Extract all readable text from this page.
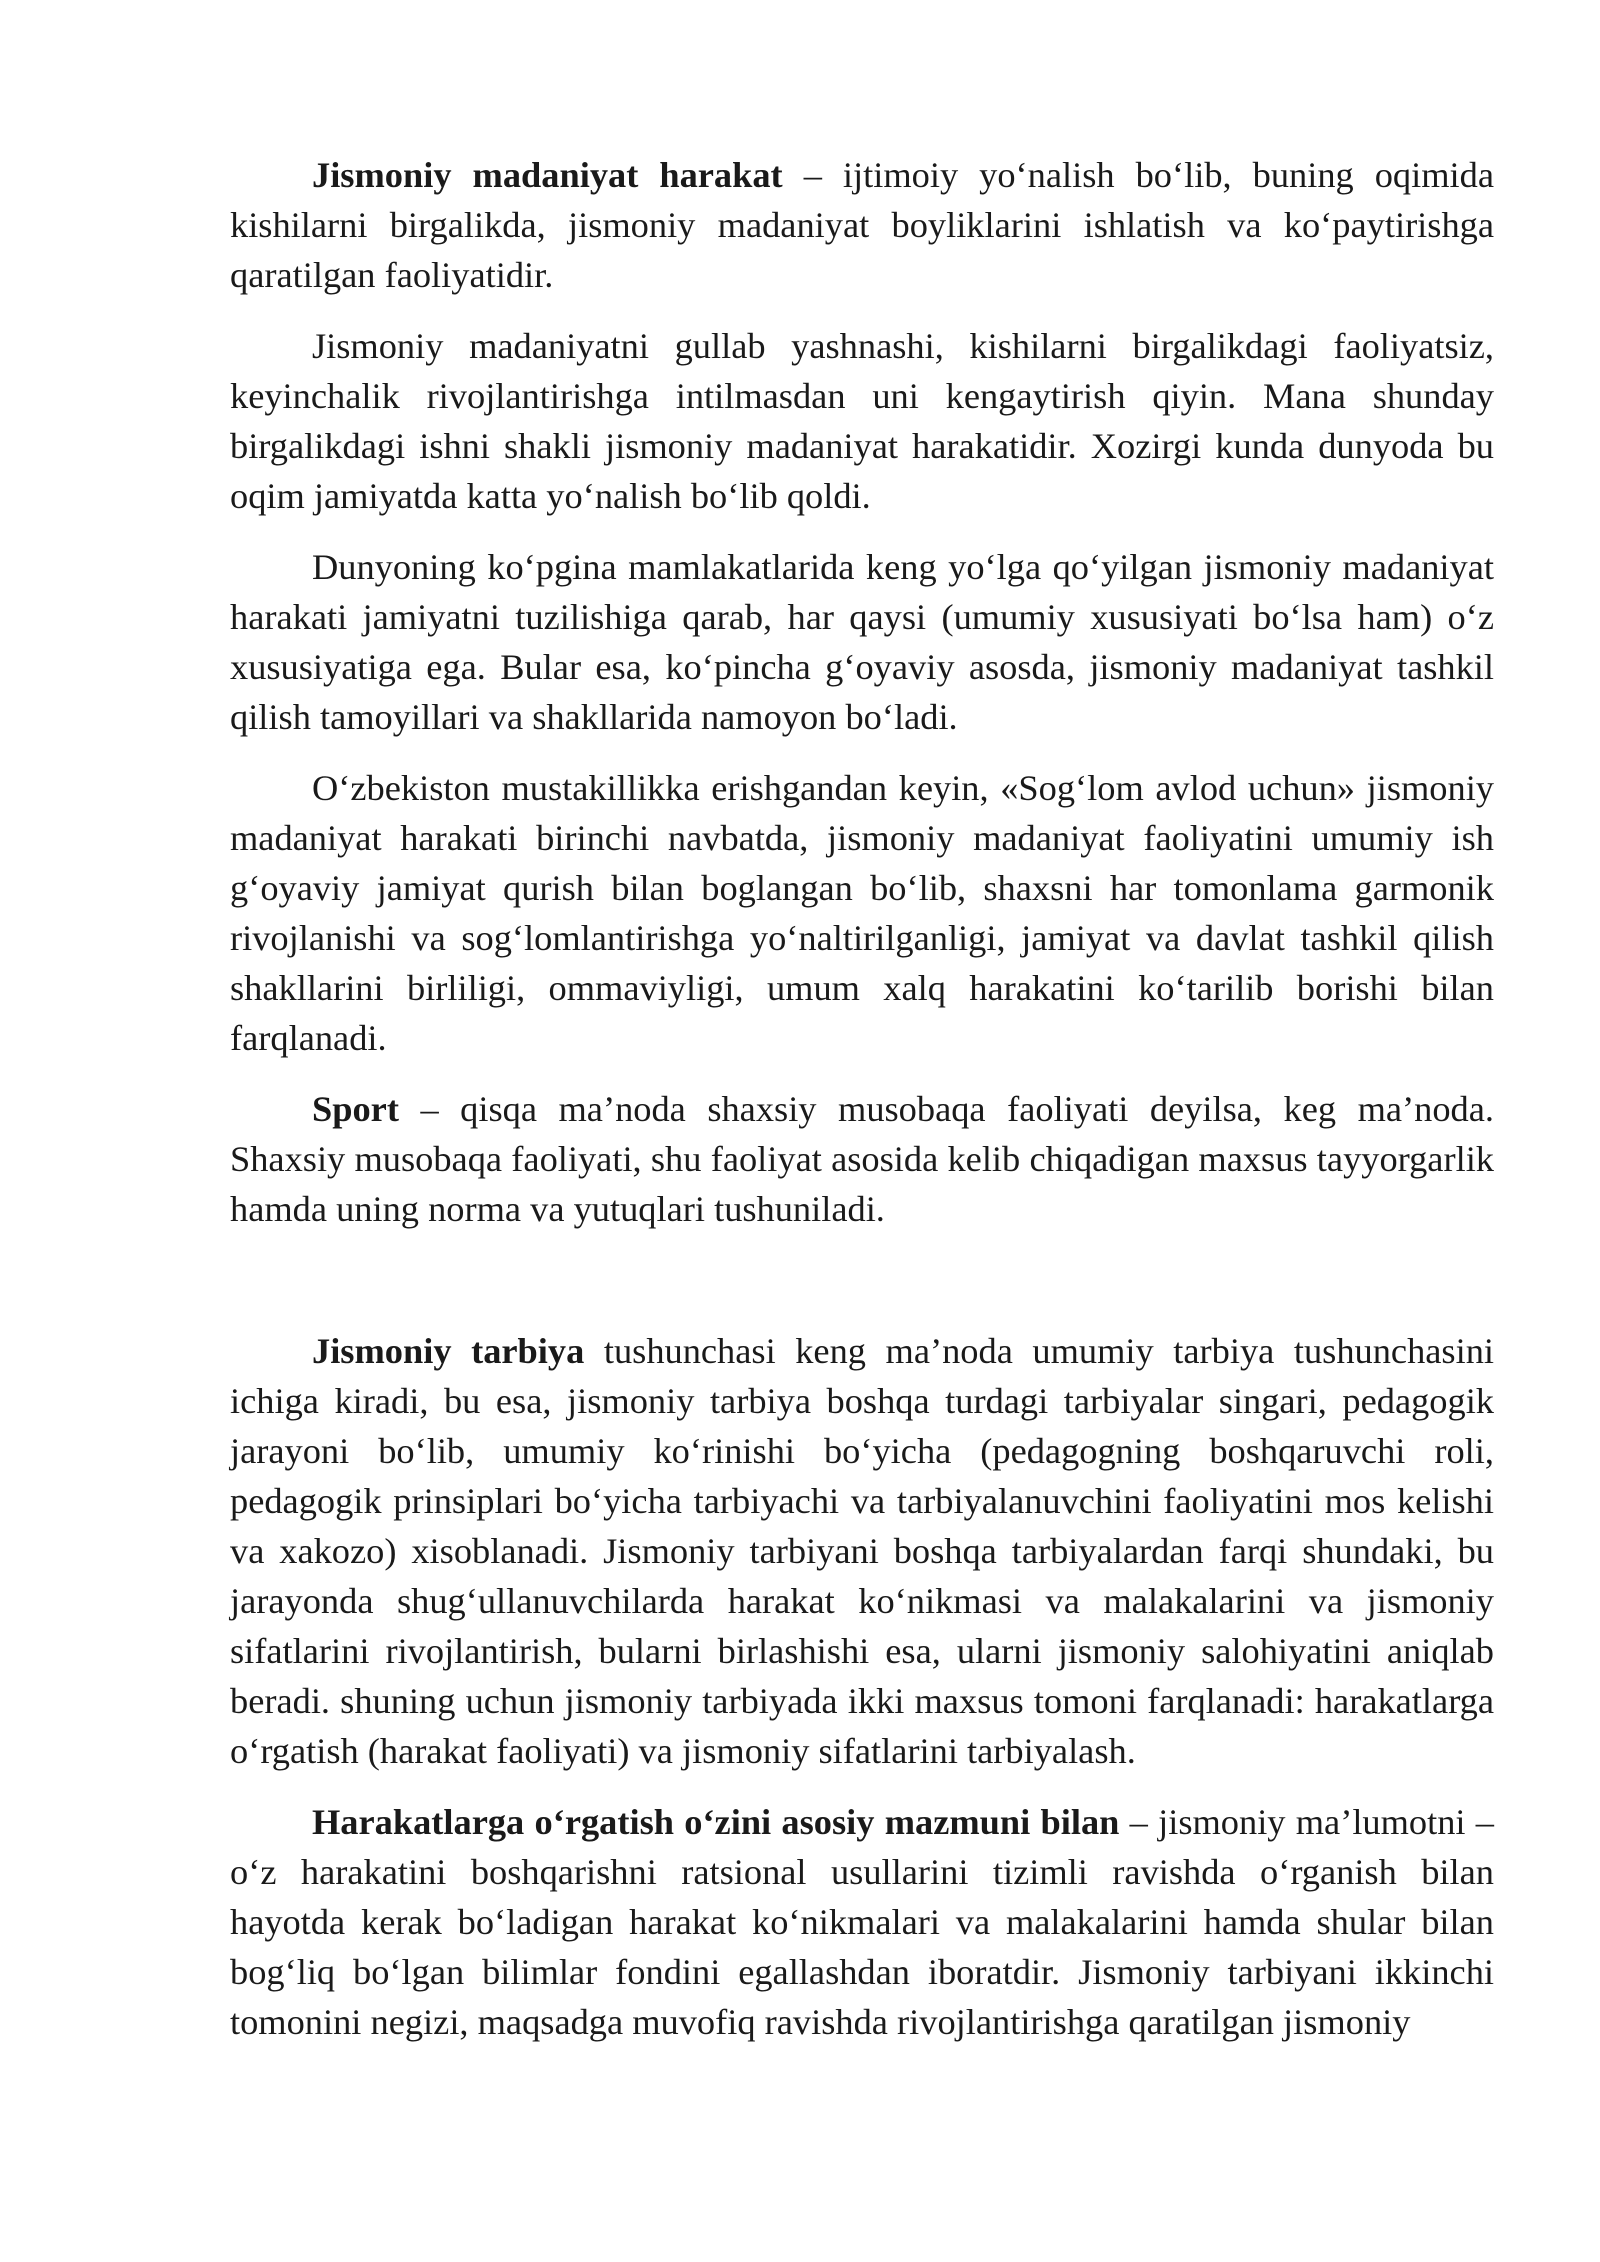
Jismoniy madaniyat harakat – ijtimoiy yo‘nalish bo‘lib, buning oqimida kishilarni birgalikda, jismoniy madaniyat boyliklarini ishlatish va ko‘paytirishga qaratilgan faoliyatidir.

Jismoniy madaniyatni gullab yashnashi, kishilarni birgalikdagi faoliyatsiz, keyinchalik rivojlantirishga intilmasdan uni kengaytirish qiyin. Mana shunday birgalikdagi ishni shakli jismoniy madaniyat harakatidir. Xozirgi kunda dunyoda bu oqim jamiyatda katta yo‘nalish bo‘lib qoldi.

Dunyoning ko‘pgina mamlakatlarida keng yo‘lga qo‘yilgan jismoniy madaniyat harakati jamiyatni tuzilishiga qarab, har qaysi (umumiy xususiyati bo‘lsa ham) o‘z xususiyatiga ega. Bular esa, ko‘pincha g‘oyaviy asosda, jismoniy madaniyat tashkil qilish tamoyillari va shakllarida namoyon bo‘ladi.

O‘zbekiston mustakillikka erishgandan keyin, «Sog‘lom avlod uchun» jismoniy madaniyat harakati birinchi navbatda, jismoniy madaniyat faoliyatini umumiy ish g‘oyaviy jamiyat qurish bilan boglangan bo‘lib, shaxsni har tomonlama garmonik rivojlanishi va sog‘lomlantirishga yo‘naltirilganligi, jamiyat va davlat tashkil qilish shakllarini birliligi, ommaviyligi, umum xalq harakatini ko‘tarilib borishi bilan farqlanadi.

Sport – qisqa ma’noda shaxsiy musobaqa faoliyati deyilsa, keg ma’noda. Shaxsiy musobaqa faoliyati, shu faoliyat asosida kelib chiqadigan maxsus tayyorgarlik hamda uning norma va yutuqlari tushuniladi.

Jismoniy tarbiya tushunchasi keng ma’noda umumiy tarbiya tushunchasini ichiga kiradi, bu esa, jismoniy tarbiya boshqa turdagi tarbiyalar singari, pedagogik jarayoni bo‘lib, umumiy ko‘rinishi bo‘yicha (pedagogning boshqaruvchi roli, pedagogik prinsiplari bo‘yicha tarbiyachi va tarbiyalanuvchini faoliyatini mos kelishi va xakozo) xisoblanadi. Jismoniy tarbiyani boshqa tarbiyalardan farqi shundaki, bu jarayonda shug‘ullanuvchilarda harakat ko‘nikmasi va malakalarini va jismoniy sifatlarini rivojlantirish, bularni birlashishi esa, ularni jismoniy salohiyatini aniqlab beradi. shuning uchun jismoniy tarbiyada ikki maxsus tomoni farqlanadi: harakatlarga o‘rgatish (harakat faoliyati) va jismoniy sifatlarini tarbiyalash.

Harakatlarga o‘rgatish o‘zini asosiy mazmuni bilan – jismoniy ma’lumotni – o‘z harakatini boshqarishni ratsional usullarini tizimli ravishda o‘rganish bilan hayotda kerak bo‘ladigan harakat ko‘nikmalari va malakalarini hamda shular bilan bog‘liq bo‘lgan bilimlar fondini egallashdan iboratdir. Jismoniy tarbiyani ikkinchi tomonini negizi, maqsadga muvofiq ravishda rivojlantirishga qaratilgan jismoniy
